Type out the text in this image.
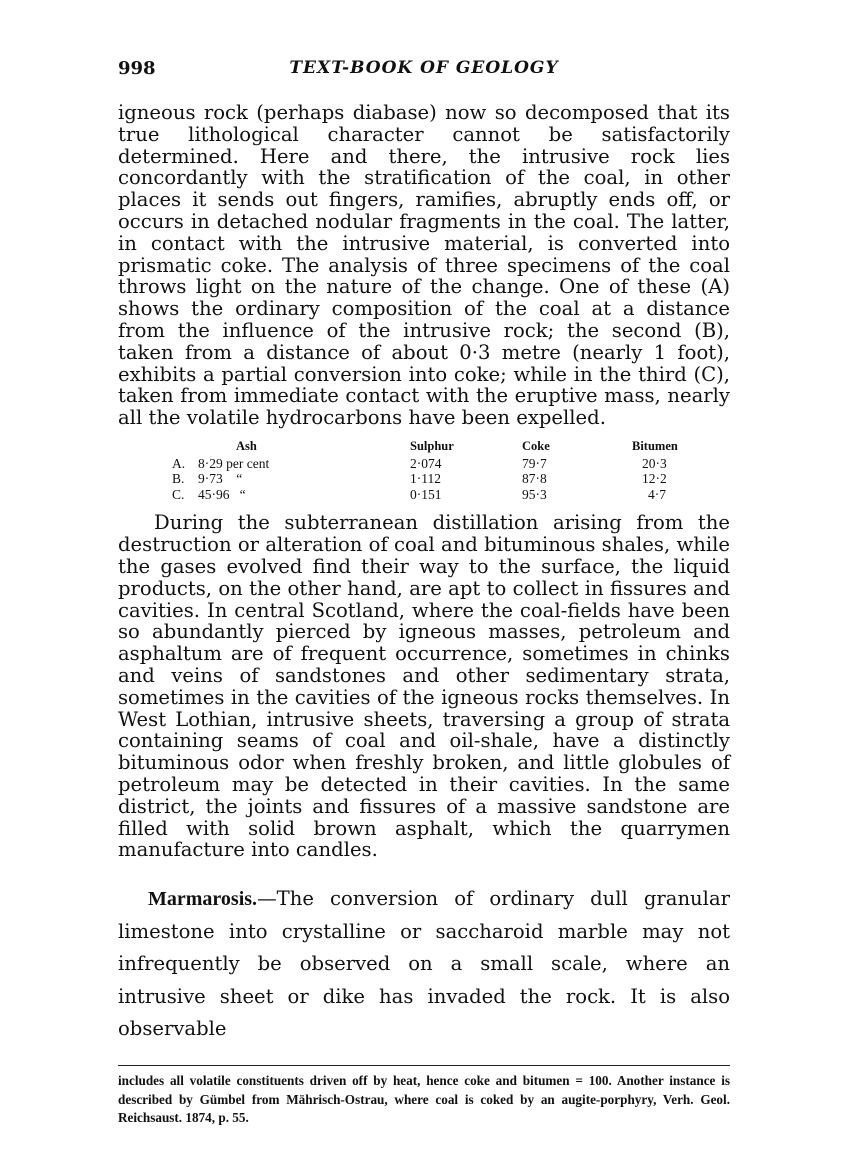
998	TEXT-BOOK OF GEOLOGY

igneous rock (perhaps diabase) now so decomposed that its true lithological character cannot be satisfactorily determined. Here and there, the intrusive rock lies concordantly with the stratification of the coal, in other places it sends out fingers, ramifies, abruptly ends off, or occurs in detached nodular fragments in the coal. The latter, in contact with the intrusive material, is converted into prismatic coke. The analysis of three specimens of the coal throws light on the nature of the change. One of these (A) shows the ordinary composition of the coal at a distance from the influence of the intrusive rock; the second (B), taken from a distance of about 0·3 metre (nearly 1 foot), exhibits a partial conversion into coke; while in the third (C), taken from immediate contact with the eruptive mass, nearly all the volatile hydrocarbons have been expelled.

	Ash	Sulphur	Coke	Bitumen
A.	8·29 per cent	2·074	79·7	20·3
B.	9·73    “	1·112	87·8	12·2
C.	45·96   “	0·151	95·3	4·7

During the subterranean distillation arising from the destruction or alteration of coal and bituminous shales, while the gases evolved find their way to the surface, the liquid products, on the other hand, are apt to collect in fissures and cavities. In central Scotland, where the coal-fields have been so abundantly pierced by igneous masses, petroleum and asphaltum are of frequent occurrence, sometimes in chinks and veins of sandstones and other sedimentary strata, sometimes in the cavities of the igneous rocks themselves. In West Lothian, intrusive sheets, traversing a group of strata containing seams of coal and oil-shale, have a distinctly bituminous odor when freshly broken, and little globules of petroleum may be detected in their cavities. In the same district, the joints and fissures of a massive sandstone are filled with solid brown asphalt, which the quarrymen manufacture into candles.

Marmarosis.—The conversion of ordinary dull granular limestone into crystalline or saccharoid marble may not infrequently be observed on a small scale, where an intrusive sheet or dike has invaded the rock. It is also observable

includes all volatile constituents driven off by heat, hence coke and bitumen = 100. Another instance is described by Gümbel from Mährisch-Ostrau, where coal is coked by an augite-porphyry, Verh. Geol. Reichsaust. 1874, p. 55.
